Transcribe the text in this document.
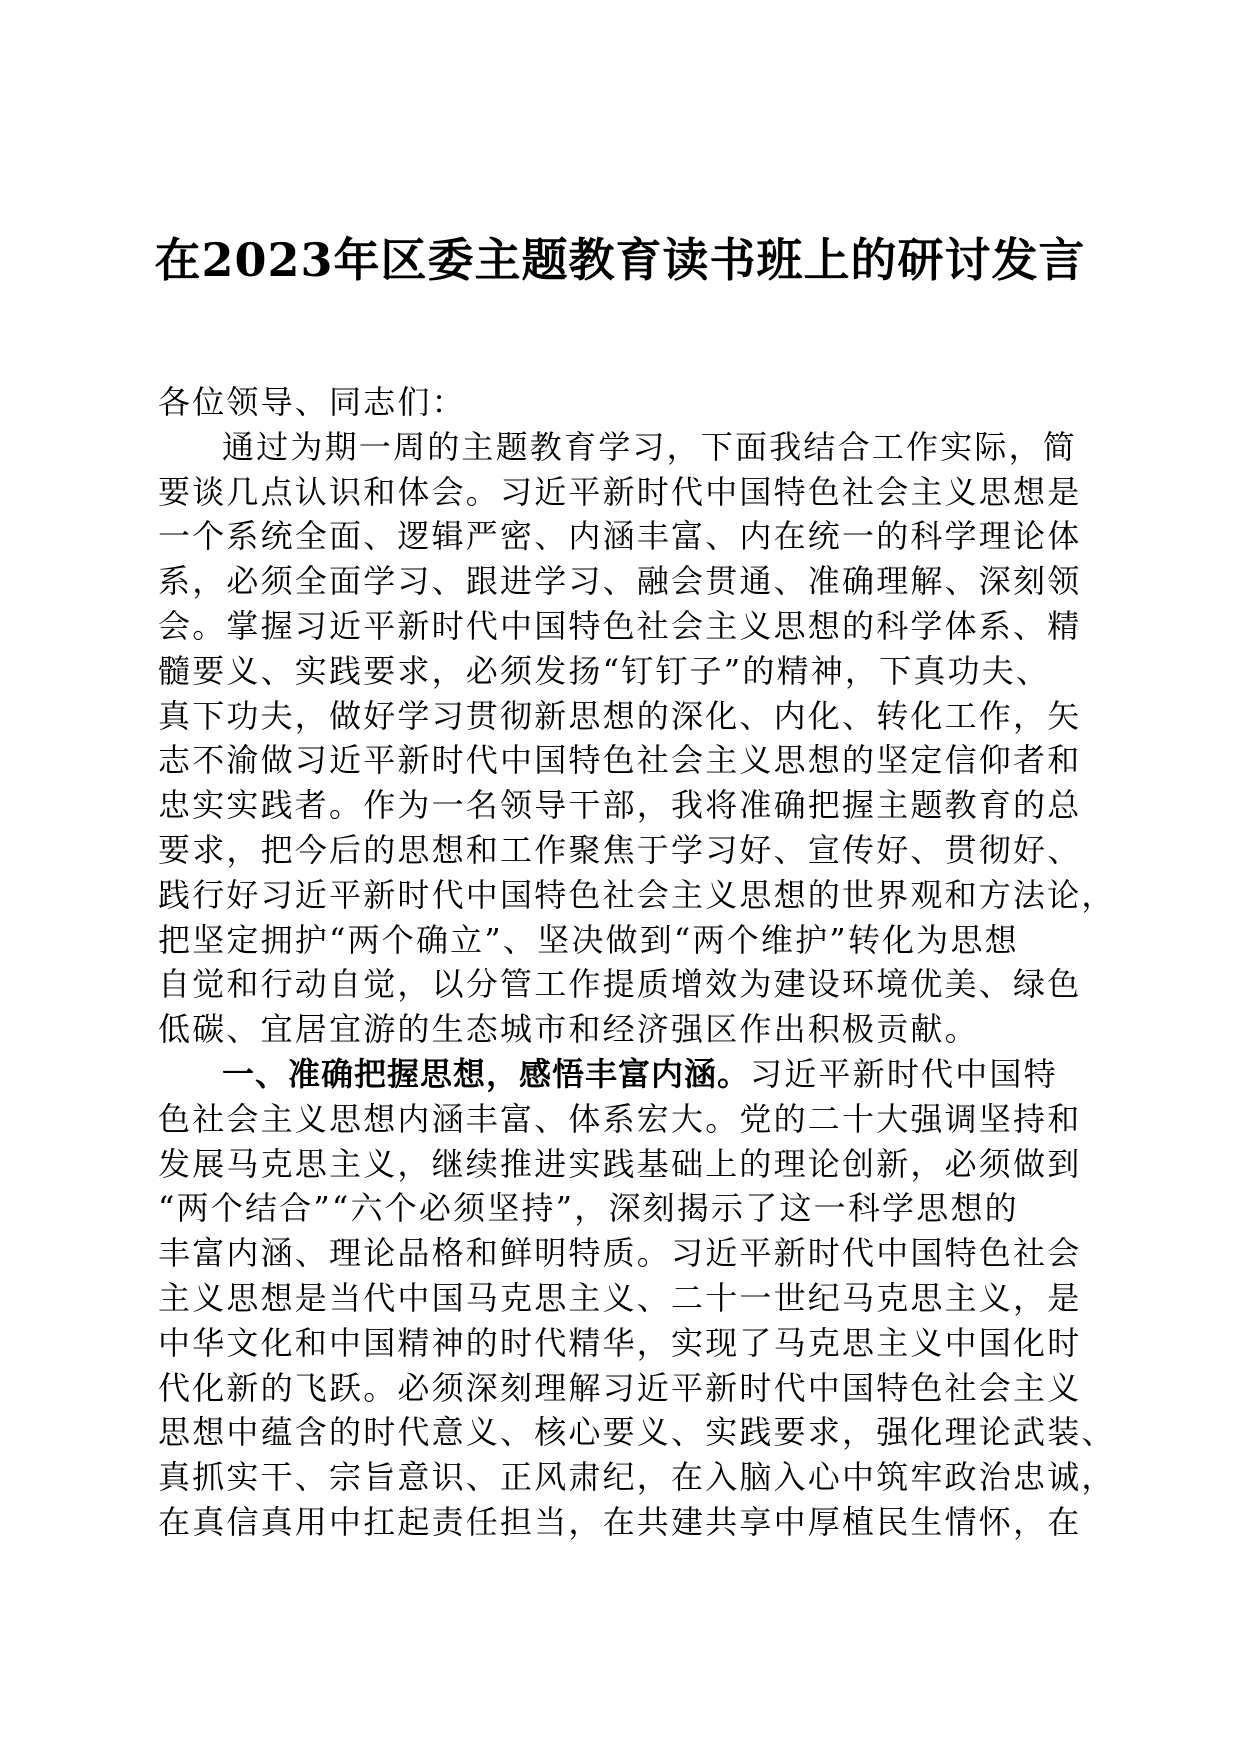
在2023年区委主题教育读书班上的研讨发言
各位领导、同志们：
通过为期一周的主题教育学习，下面我结合工作实际，简
要谈几点认识和体会。习近平新时代中国特色社会主义思想是
一个系统全面、逻辑严密、内涵丰富、内在统一的科学理论体
系，必须全面学习、跟进学习、融会贯通、准确理解、深刻领
会。掌握习近平新时代中国特色社会主义思想的科学体系、精
髓要义、实践要求，必须发扬“钉钉子”的精神，下真功夫、
真下功夫，做好学习贯彻新思想的深化、内化、转化工作，矢
志不渝做习近平新时代中国特色社会主义思想的坚定信仰者和
忠实实践者。作为一名领导干部，我将准确把握主题教育的总
要求，把今后的思想和工作聚焦于学习好、宣传好、贯彻好、
践行好习近平新时代中国特色社会主义思想的世界观和方法论，
把坚定拥护“两个确立”、坚决做到“两个维护”转化为思想
自觉和行动自觉，以分管工作提质增效为建设环境优美、绿色
低碳、宜居宜游的生态城市和经济强区作出积极贡献。
一、准确把握思想，感悟丰富内涵。习近平新时代中国特
色社会主义思想内涵丰富、体系宏大。党的二十大强调坚持和
发展马克思主义，继续推进实践基础上的理论创新，必须做到
“两个结合”“六个必须坚持”，深刻揭示了这一科学思想的
丰富内涵、理论品格和鲜明特质。习近平新时代中国特色社会
主义思想是当代中国马克思主义、二十一世纪马克思主义，是
中华文化和中国精神的时代精华，实现了马克思主义中国化时
代化新的飞跃。必须深刻理解习近平新时代中国特色社会主义
思想中蕴含的时代意义、核心要义、实践要求，强化理论武装、
真抓实干、宗旨意识、正风肃纪，在入脑入心中筑牢政治忠诚，
在真信真用中扛起责任担当，在共建共享中厚植民生情怀，在
